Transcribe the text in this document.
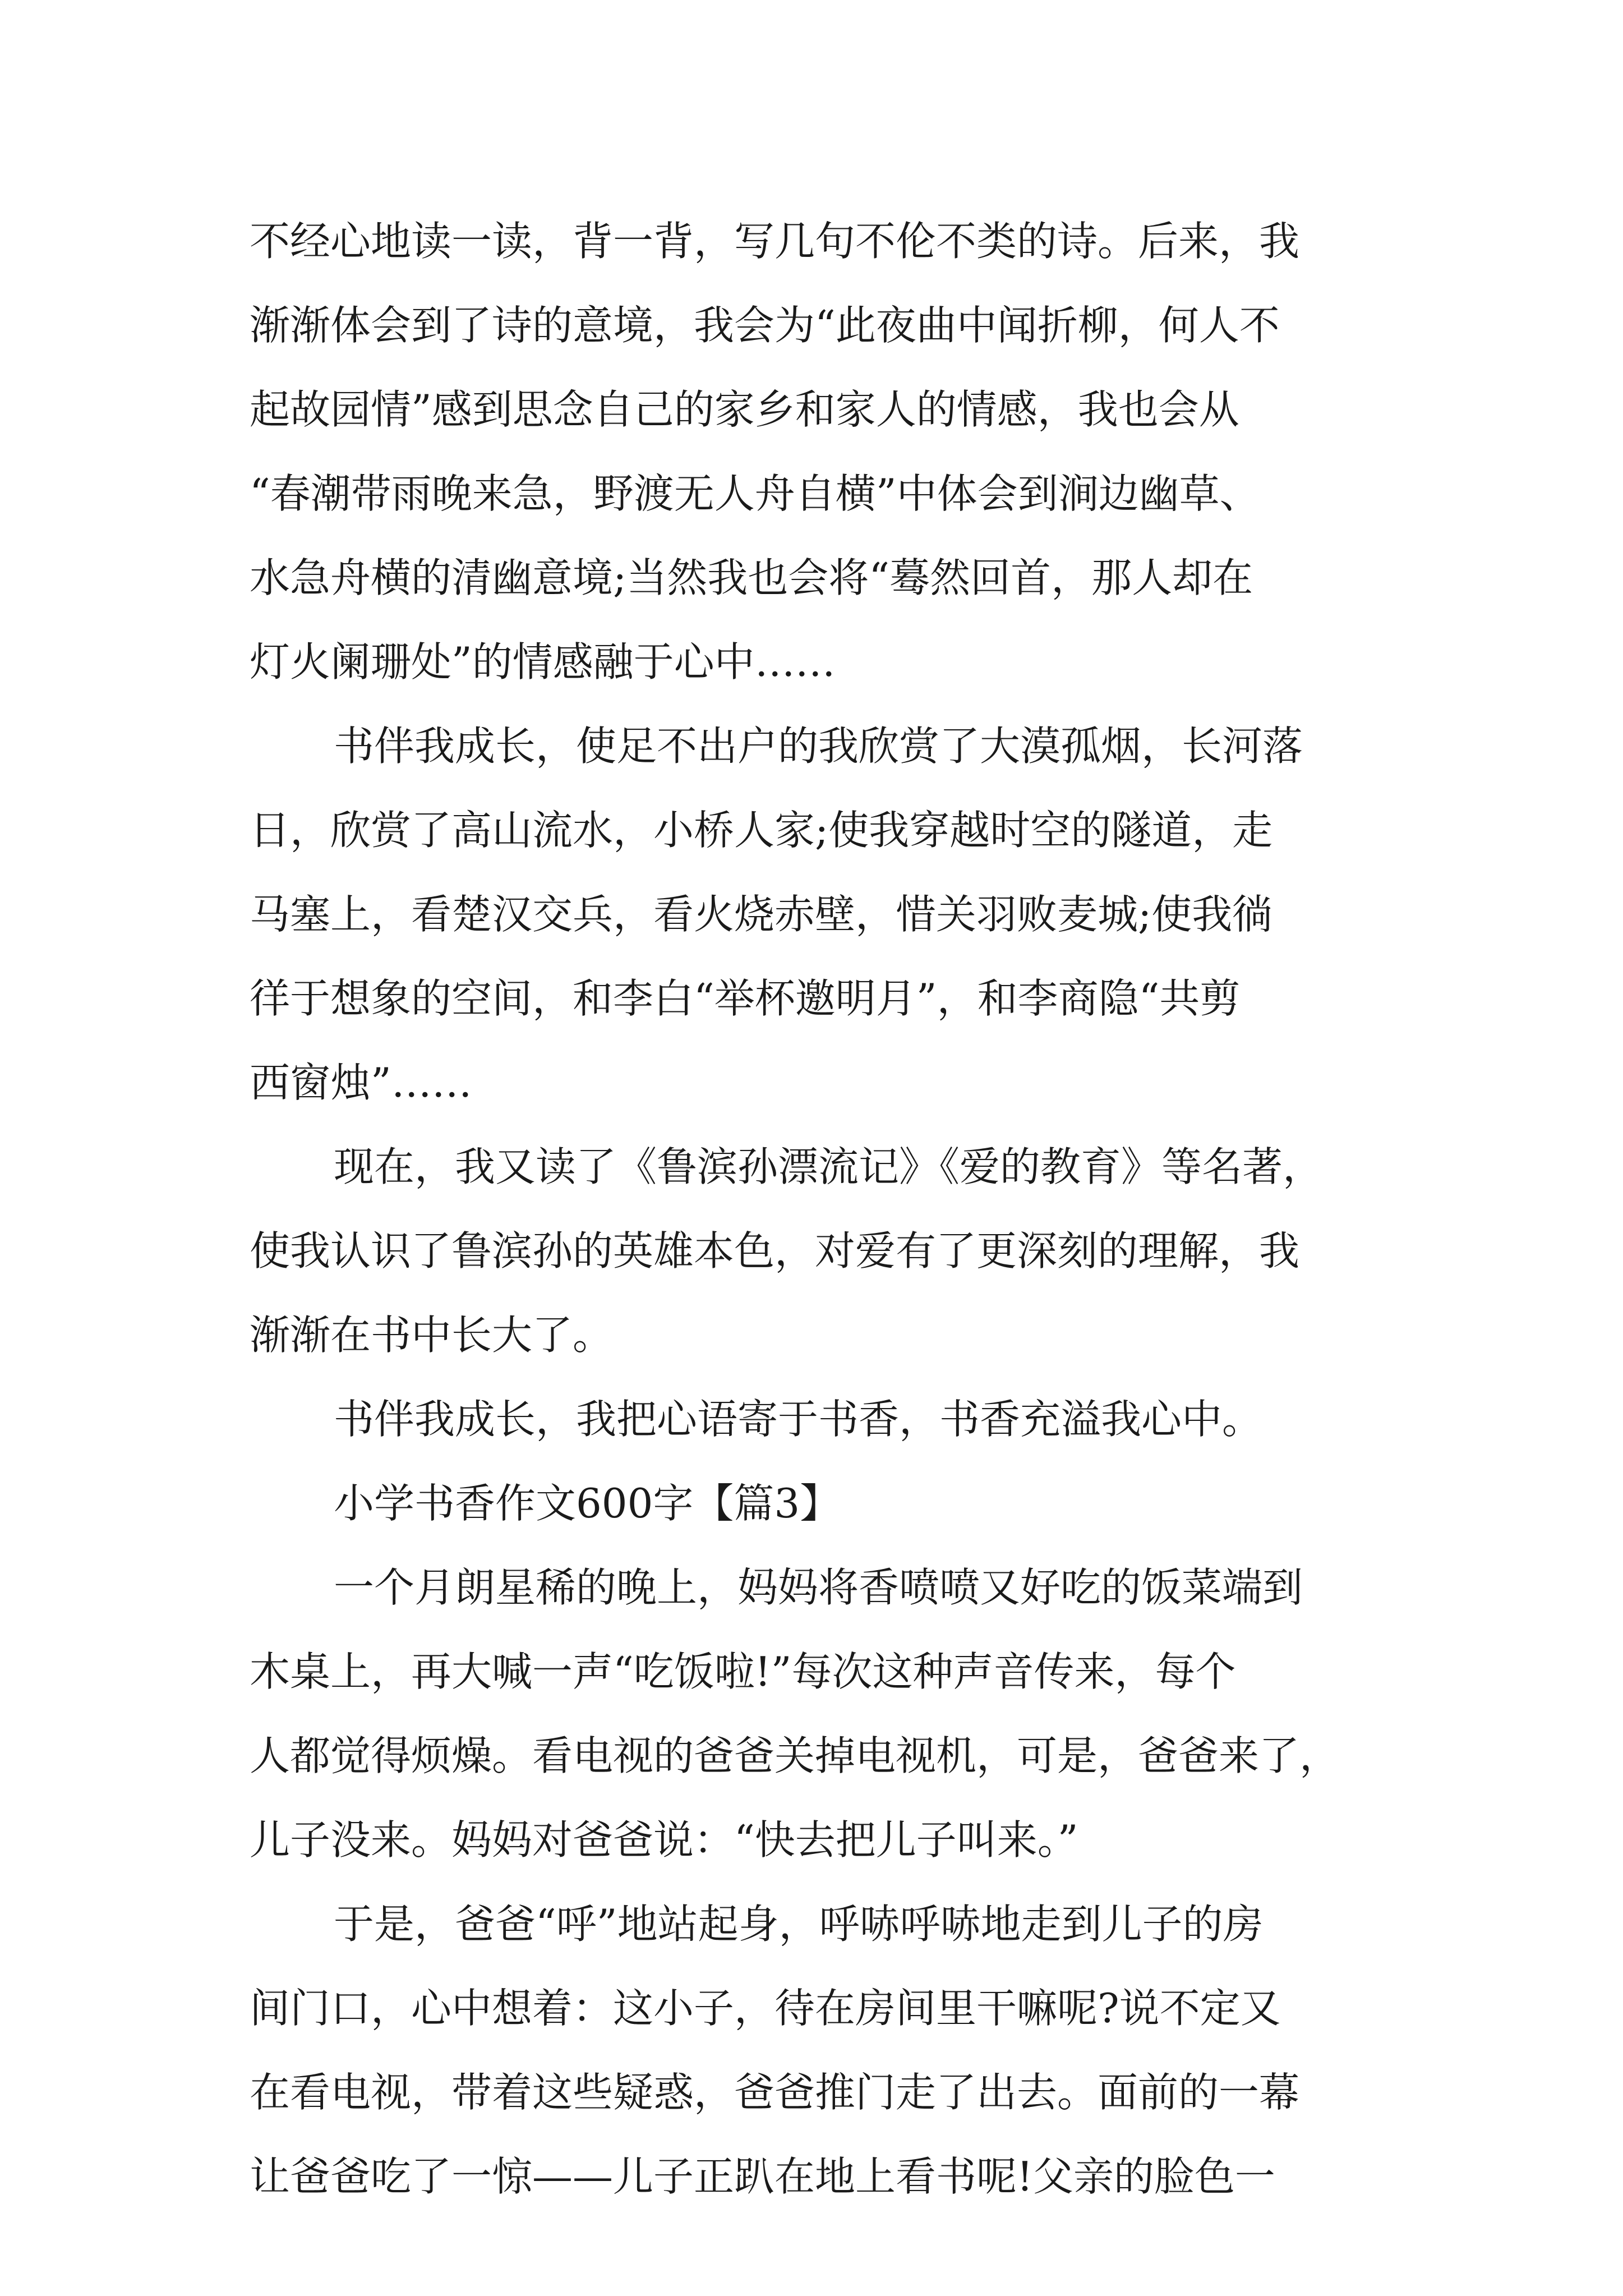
不经心地读一读，背一背，写几句不伦不类的诗。后来，我

渐渐体会到了诗的意境，我会为“此夜曲中闻折柳，何人不

起故园情”感到思念自己的家乡和家人的情感，我也会从

“春潮带雨晚来急，野渡无人舟自横”中体会到涧边幽草、

水急舟横的清幽意境;当然我也会将“蓦然回首，那人却在

灯火阑珊处”的情感融于心中……

书伴我成长，使足不出户的我欣赏了大漠孤烟，长河落

日，欣赏了高山流水，小桥人家;使我穿越时空的隧道，走

马塞上，看楚汉交兵，看火烧赤壁，惜关羽败麦城;使我徜

徉于想象的空间，和李白“举杯邀明月”，和李商隐“共剪

西窗烛”……

现在，我又读了《鲁滨孙漂流记》《爱的教育》等名著，

使我认识了鲁滨孙的英雄本色，对爱有了更深刻的理解，我

渐渐在书中长大了。

书伴我成长，我把心语寄于书香，书香充溢我心中。

小学书香作文600字【篇3】

一个月朗星稀的晚上，妈妈将香喷喷又好吃的饭菜端到

木桌上，再大喊一声“吃饭啦!”每次这种声音传来，每个

人都觉得烦燥。看电视的爸爸关掉电视机，可是，爸爸来了，

儿子没来。妈妈对爸爸说：“快去把儿子叫来。”

于是，爸爸“呼”地站起身，呼哧呼哧地走到儿子的房

间门口，心中想着：这小子，待在房间里干嘛呢?说不定又

在看电视，带着这些疑惑，爸爸推门走了出去。面前的一幕

让爸爸吃了一惊——儿子正趴在地上看书呢!父亲的脸色一
